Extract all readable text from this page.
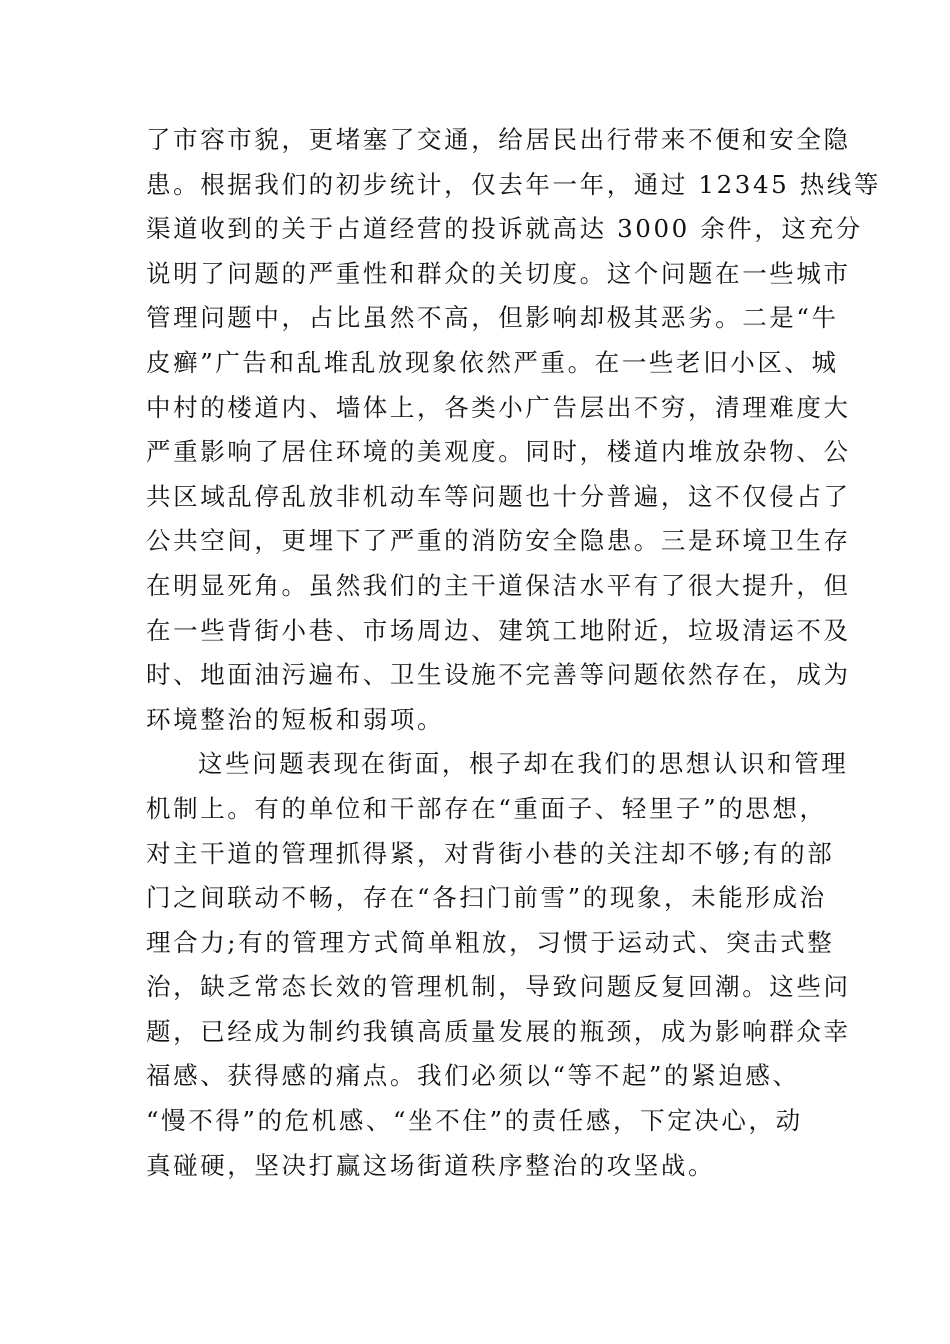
了市容市貌，更堵塞了交通，给居民出行带来不便和安全隐
患。根据我们的初步统计，仅去年一年，通过 12345 热线等
渠道收到的关于占道经营的投诉就高达 3000 余件，这充分
说明了问题的严重性和群众的关切度。这个问题在一些城市
管理问题中，占比虽然不高，但影响却极其恶劣。二是“牛
皮癣”广告和乱堆乱放现象依然严重。在一些老旧小区、城
中村的楼道内、墙体上，各类小广告层出不穷，清理难度大
严重影响了居住环境的美观度。同时，楼道内堆放杂物、公
共区域乱停乱放非机动车等问题也十分普遍，这不仅侵占了
公共空间，更埋下了严重的消防安全隐患。三是环境卫生存
在明显死角。虽然我们的主干道保洁水平有了很大提升，但
在一些背街小巷、市场周边、建筑工地附近，垃圾清运不及
时、地面油污遍布、卫生设施不完善等问题依然存在，成为
环境整治的短板和弱项。
这些问题表现在街面，根子却在我们的思想认识和管理
机制上。有的单位和干部存在“重面子、轻里子”的思想，
对主干道的管理抓得紧，对背街小巷的关注却不够;有的部
门之间联动不畅，存在“各扫门前雪”的现象，未能形成治
理合力;有的管理方式简单粗放，习惯于运动式、突击式整
治，缺乏常态长效的管理机制，导致问题反复回潮。这些问
题，已经成为制约我镇高质量发展的瓶颈，成为影响群众幸
福感、获得感的痛点。我们必须以“等不起”的紧迫感、
“慢不得”的危机感、“坐不住”的责任感，下定决心，动
真碰硬，坚决打赢这场街道秩序整治的攻坚战。
